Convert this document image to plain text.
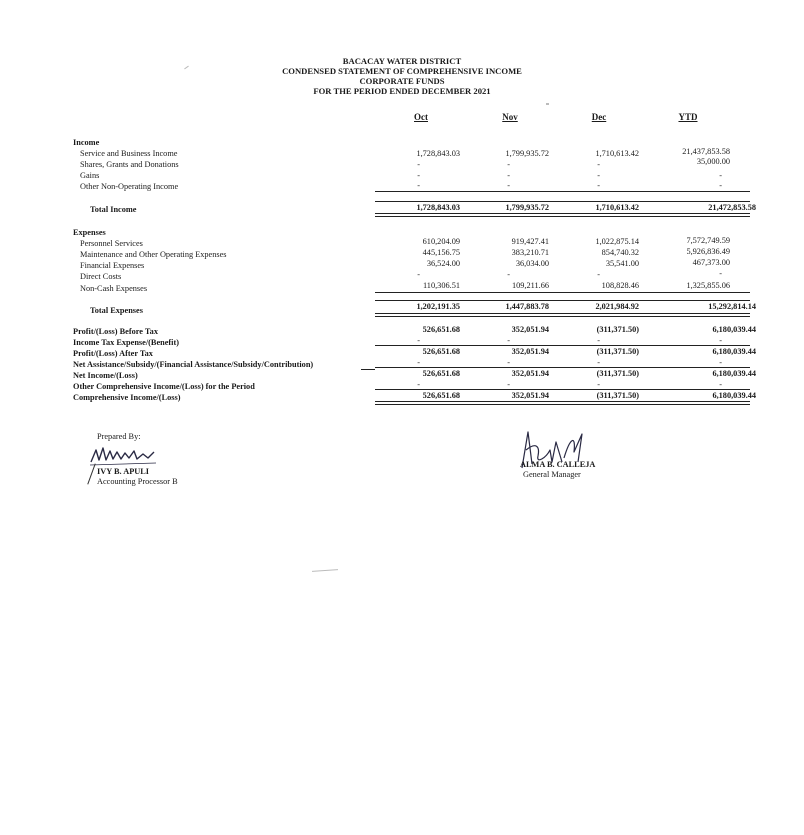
BACACAY WATER DISTRICT
CONDENSED STATEMENT OF COMPREHENSIVE INCOME
CORPORATE FUNDS
FOR THE PERIOD ENDED DECEMBER 2021
Oct	Nov	Dec	YTD
Income
Service and Business Income	1,728,843.03	1,799,935.72	1,710,613.42	21,437,853.58
Shares, Grants and Donations	-	-	-	35,000.00
Gains	-	-	-	-
Other Non-Operating Income	-	-	-	-
Total Income	1,728,843.03	1,799,935.72	1,710,613.42	21,472,853.58
Expenses
Personnel Services	610,204.09	919,427.41	1,022,875.14	7,572,749.59
Maintenance and Other Operating Expenses	445,156.75	383,210.71	854,740.32	5,926,836.49
Financial Expenses	36,524.00	36,034.00	35,541.00	467,373.00
Direct Costs	-	-	-	-
Non-Cash Expenses	110,306.51	109,211.66	108,828.46	1,325,855.06
Total Expenses	1,202,191.35	1,447,883.78	2,021,984.92	15,292,814.14
Profit/(Loss) Before Tax	526,651.68	352,051.94	(311,371.50)	6,180,039.44
Income Tax Expense/(Benefit)	-	-	-	-
Profit/(Loss) After Tax	526,651.68	352,051.94	(311,371.50)	6,180,039.44
Net Assistance/Subsidy/(Financial Assistance/Subsidy/Contribution)	-	-	-	-
Net Income/(Loss)	526,651.68	352,051.94	(311,371.50)	6,180,039.44
Other Comprehensive Income/(Loss) for the Period	-	-	-	-
Comprehensive Income/(Loss)	526,651.68	352,051.94	(311,371.50)	6,180,039.44
Prepared By:
IVY B. APULI
Accounting Processor B
ALMA B. CALLEJA
General Manager
